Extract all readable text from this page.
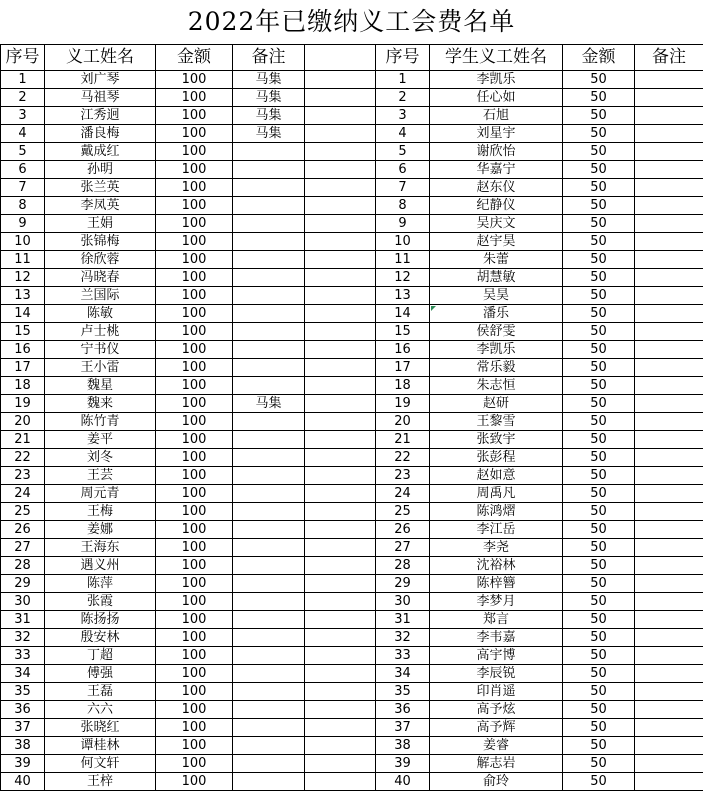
2022年已缴纳义工会费名单
序号	义工姓名	金额	备注		序号	学生义工姓名	金额	备注
1	刘广琴	100	马集		1	李凯乐	50	
2	马祖琴	100	马集		2	任心如	50	
3	江秀迥	100	马集		3	石旭	50	
4	潘良梅	100	马集		4	刘星宇	50	
5	戴成红	100			5	谢欣怡	50	
6	孙明	100			6	华嘉宁	50	
7	张兰英	100			7	赵东仪	50	
8	李凤英	100			8	纪静仪	50	
9	王娟	100			9	吴庆文	50	
10	张锦梅	100			10	赵宇昊	50	
11	徐欣蓉	100			11	朱蕾	50	
12	冯晓春	100			12	胡慧敏	50	
13	兰国际	100			13	吴昊	50	
14	陈敏	100			14	潘乐	50	
15	卢士桃	100			15	侯舒雯	50	
16	宁书仪	100			16	李凯乐	50	
17	王小雷	100			17	常乐毅	50	
18	魏星	100			18	朱志恒	50	
19	魏来	100	马集		19	赵研	50	
20	陈竹青	100			20	王黎雪	50	
21	姜平	100			21	张致宇	50	
22	刘冬	100			22	张彭程	50	
23	王芸	100			23	赵如意	50	
24	周元青	100			24	周禹凡	50	
25	王梅	100			25	陈鸿熠	50	
26	姜娜	100			26	李江岳	50	
27	王海东	100			27	李尧	50	
28	遇义州	100			28	沈裕林	50	
29	陈萍	100			29	陈梓簪	50	
30	张霞	100			30	李梦月	50	
31	陈扬扬	100			31	郑言	50	
32	殷安林	100			32	李韦嘉	50	
33	丁超	100			33	高宇博	50	
34	傅强	100			34	李辰锐	50	
35	王磊	100			35	印肖遥	50	
36	六六	100			36	高予炫	50	
37	张晓红	100			37	高予辉	50	
38	谭桂林	100			38	姜睿	50	
39	何文轩	100			39	解志岩	50	
40	王梓	100			40	俞玲	50	
